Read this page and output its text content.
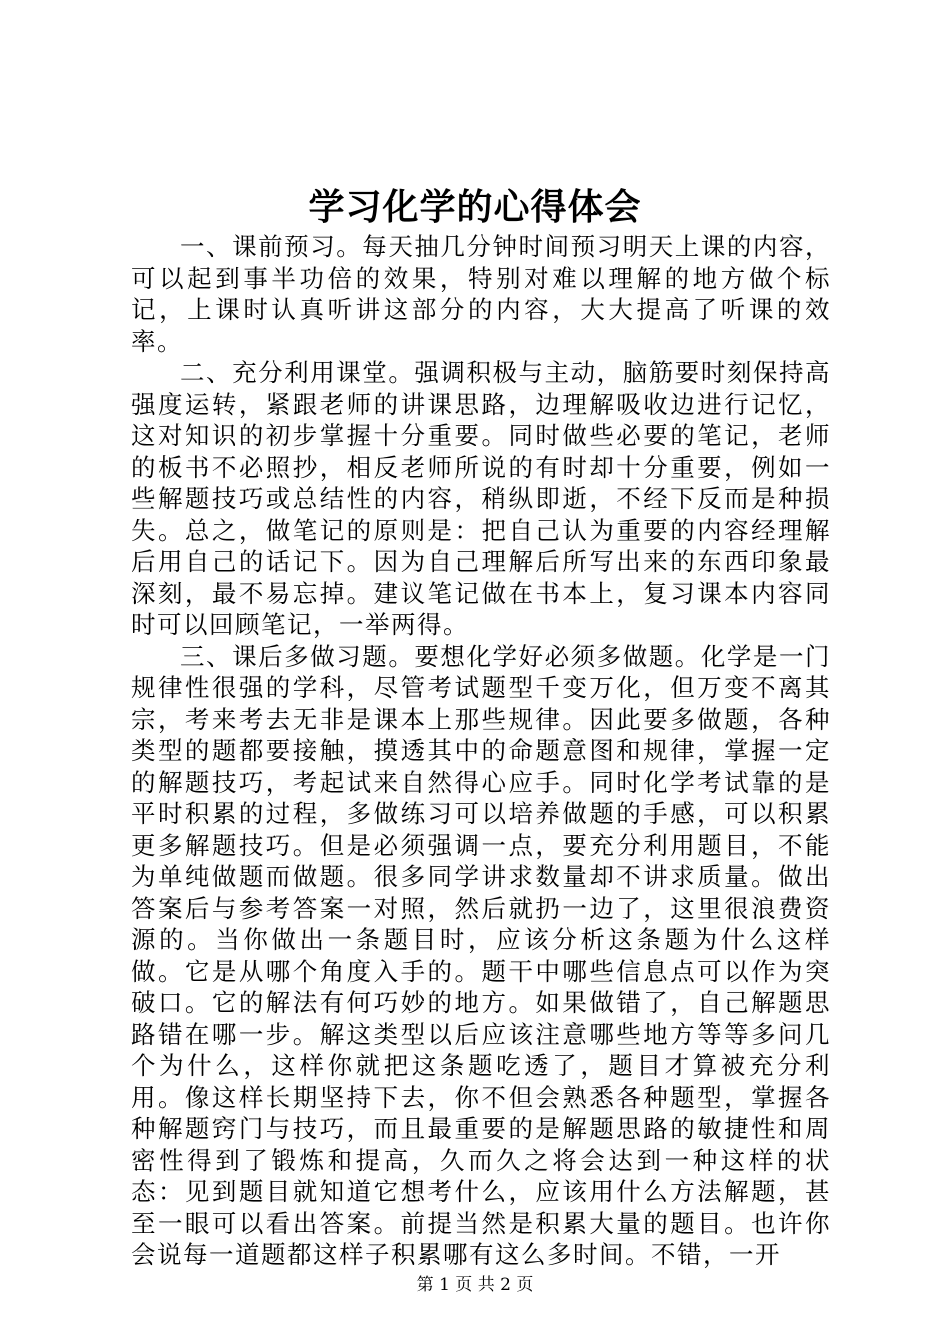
学习化学的心得体会

一、课前预习。每天抽几分钟时间预习明天上课的内容，可以起到事半功倍的效果，特别对难以理解的地方做个标记，上课时认真听讲这部分的内容，大大提高了听课的效率。

二、充分利用课堂。强调积极与主动，脑筋要时刻保持高强度运转，紧跟老师的讲课思路，边理解吸收边进行记忆，这对知识的初步掌握十分重要。同时做些必要的笔记，老师的板书不必照抄，相反老师所说的有时却十分重要，例如一些解题技巧或总结性的内容，稍纵即逝，不经下反而是种损失。总之，做笔记的原则是：把自己认为重要的内容经理解后用自己的话记下。因为自己理解后所写出来的东西印象最深刻，最不易忘掉。建议笔记做在书本上，复习课本内容同时可以回顾笔记，一举两得。

三、课后多做习题。要想化学好必须多做题。化学是一门规律性很强的学科，尽管考试题型千变万化，但万变不离其宗，考来考去无非是课本上那些规律。因此要多做题，各种类型的题都要接触，摸透其中的命题意图和规律，掌握一定的解题技巧，考起试来自然得心应手。同时化学考试靠的是平时积累的过程，多做练习可以培养做题的手感，可以积累更多解题技巧。但是必须强调一点，要充分利用题目，不能为单纯做题而做题。很多同学讲求数量却不讲求质量。做出答案后与参考答案一对照，然后就扔一边了，这里很浪费资源的。当你做出一条题目时，应该分析这条题为什么这样做。它是从哪个角度入手的。题干中哪些信息点可以作为突破口。它的解法有何巧妙的地方。如果做错了，自己解题思路错在哪一步。解这类型以后应该注意哪些地方等等多问几个为什么，这样你就把这条题吃透了，题目才算被充分利用。像这样长期坚持下去，你不但会熟悉各种题型，掌握各种解题窍门与技巧，而且最重要的是解题思路的敏捷性和周密性得到了锻炼和提高，久而久之将会达到一种这样的状态：见到题目就知道它想考什么，应该用什么方法解题，甚至一眼可以看出答案。前提当然是积累大量的题目。也许你会说每一道题都这样子积累哪有这么多时间。不错，一开

第 1 页 共 2 页
